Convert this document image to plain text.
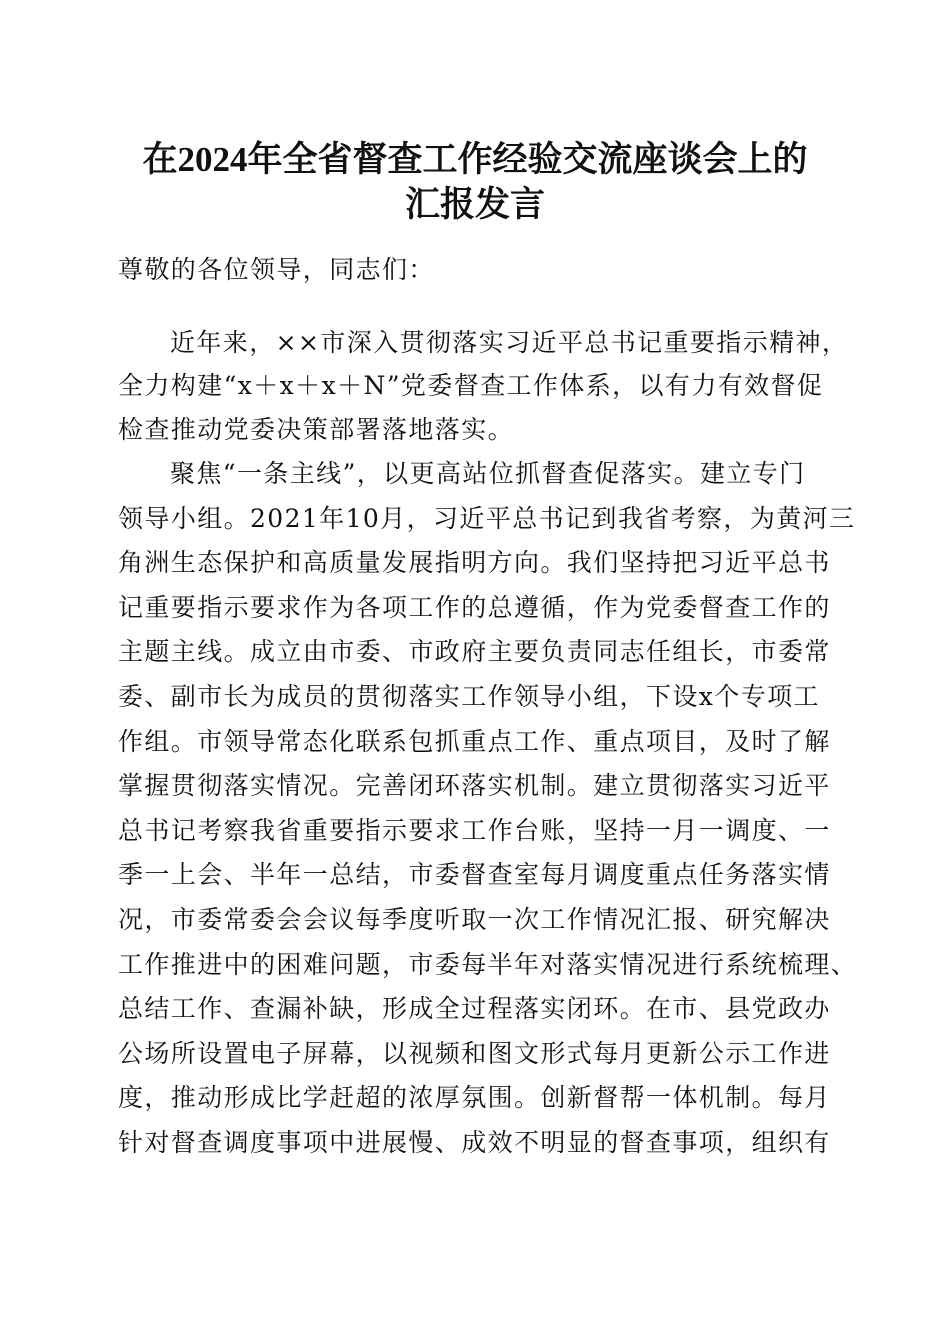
在2024年全省督查工作经验交流座谈会上的
汇报发言
尊敬的各位领导，同志们：
近年来，××市深入贯彻落实习近平总书记重要指示精神，
全力构建“x＋x＋x＋N”党委督查工作体系，以有力有效督促
检查推动党委决策部署落地落实。
聚焦“一条主线”，以更高站位抓督查促落实。建立专门
领导小组。2021年10月，习近平总书记到我省考察，为黄河三
角洲生态保护和高质量发展指明方向。我们坚持把习近平总书
记重要指示要求作为各项工作的总遵循，作为党委督查工作的
主题主线。成立由市委、市政府主要负责同志任组长，市委常
委、副市长为成员的贯彻落实工作领导小组，下设x个专项工
作组。市领导常态化联系包抓重点工作、重点项目，及时了解
掌握贯彻落实情况。完善闭环落实机制。建立贯彻落实习近平
总书记考察我省重要指示要求工作台账，坚持一月一调度、一
季一上会、半年一总结，市委督查室每月调度重点任务落实情
况，市委常委会会议每季度听取一次工作情况汇报、研究解决
工作推进中的困难问题，市委每半年对落实情况进行系统梳理、
总结工作、查漏补缺，形成全过程落实闭环。在市、县党政办
公场所设置电子屏幕，以视频和图文形式每月更新公示工作进
度，推动形成比学赶超的浓厚氛围。创新督帮一体机制。每月
针对督查调度事项中进展慢、成效不明显的督查事项，组织有
